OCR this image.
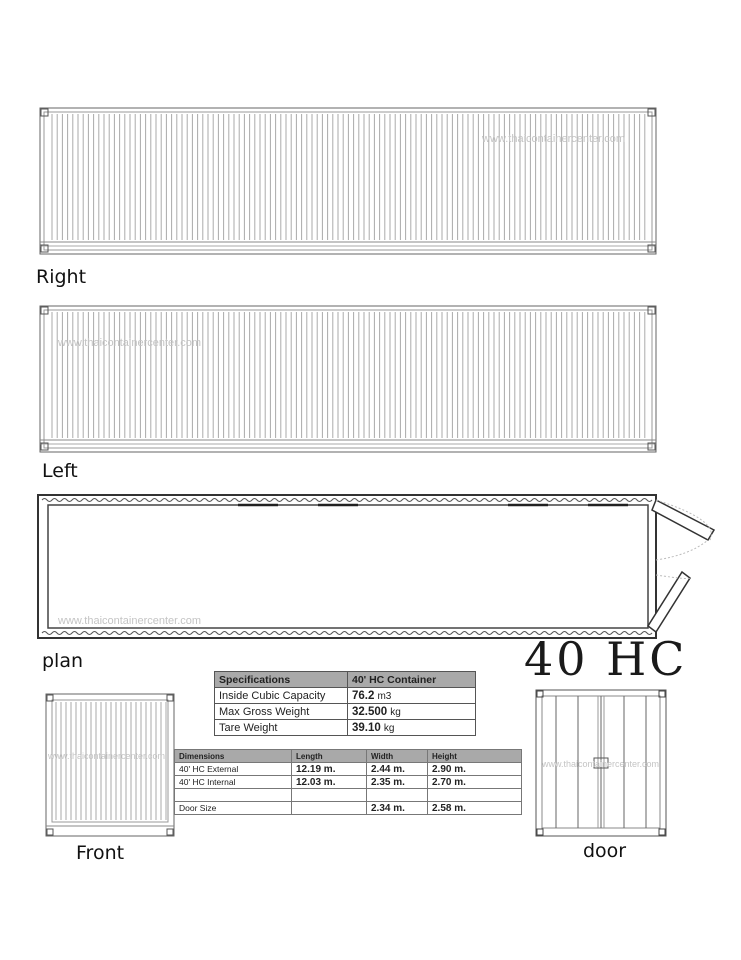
Right
Left
plan
Front	door
40 HC
www.thaicontainercenter.com
www.thaicontainercenter.com
www.thaicontainercenter.com
www.thaicontainercenter.com
www.thaicontainercenter.com
Specifications	40' HC Container
Inside Cubic Capacity	76.2 m3
Max Gross Weight	32.500 kg
Tare Weight	39.10 kg
Dimensions	Length	Width	Height
40' HC External	12.19 m.	2.44 m.	2.90 m.
40' HC Internal	12.03 m.	2.35 m.	2.70 m.

Door Size		2.34 m.	2.58 m.
